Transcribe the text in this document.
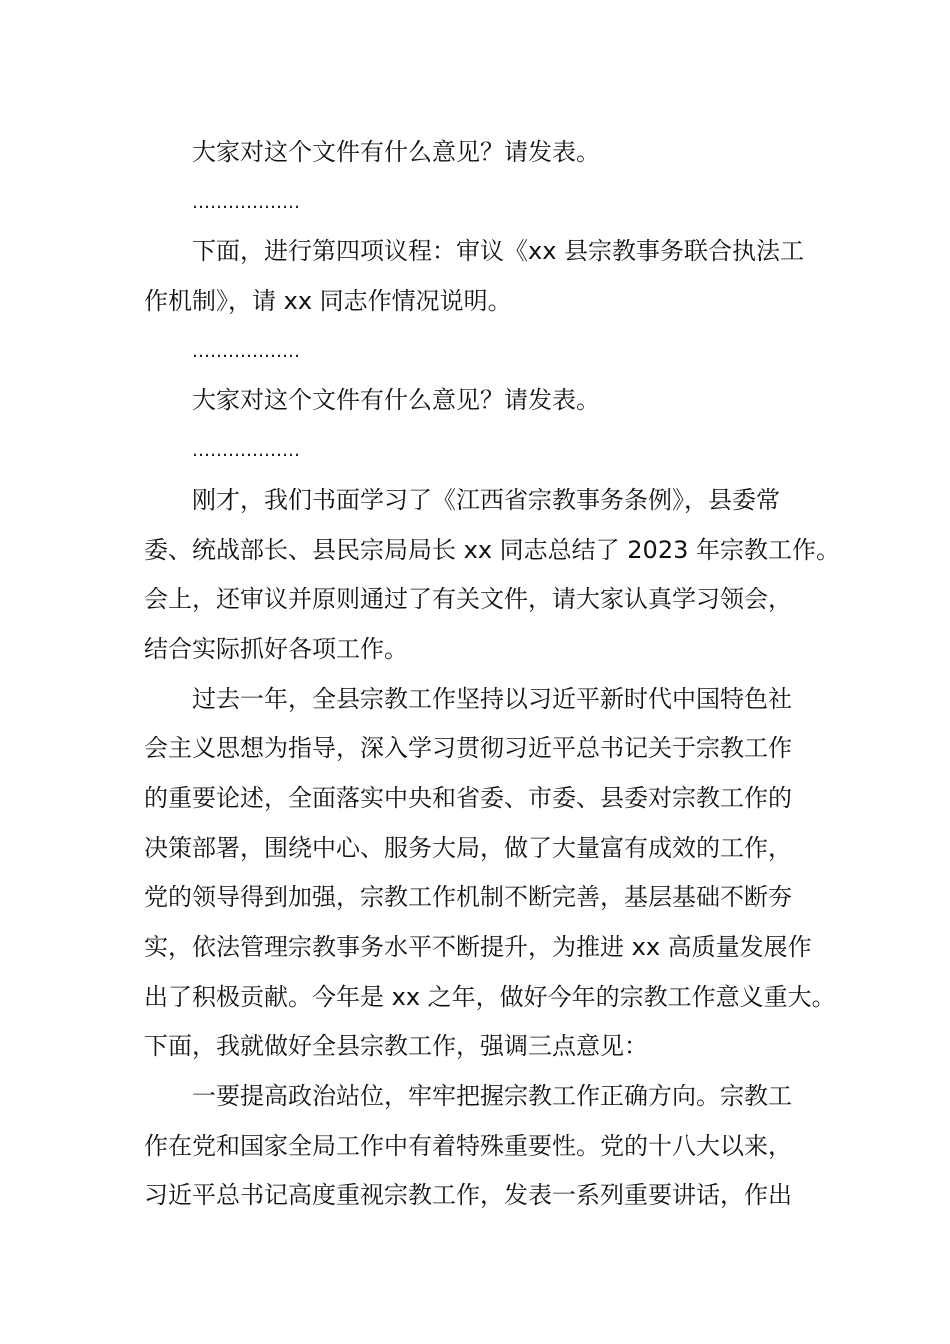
大家对这个文件有什么意见？请发表。
………………
下面，进行第四项议程：审议《xx 县宗教事务联合执法工
作机制》，请 xx 同志作情况说明。
………………
大家对这个文件有什么意见？请发表。
………………
刚才，我们书面学习了《江西省宗教事务条例》，县委常
委、统战部长、县民宗局局长 xx 同志总结了 2023 年宗教工作。
会上，还审议并原则通过了有关文件，请大家认真学习领会，
结合实际抓好各项工作。
过去一年，全县宗教工作坚持以习近平新时代中国特色社
会主义思想为指导，深入学习贯彻习近平总书记关于宗教工作
的重要论述，全面落实中央和省委、市委、县委对宗教工作的
决策部署，围绕中心、服务大局，做了大量富有成效的工作，
党的领导得到加强，宗教工作机制不断完善，基层基础不断夯
实，依法管理宗教事务水平不断提升，为推进 xx 高质量发展作
出了积极贡献。今年是 xx 之年，做好今年的宗教工作意义重大。
下面，我就做好全县宗教工作，强调三点意见：
一要提高政治站位，牢牢把握宗教工作正确方向。宗教工
作在党和国家全局工作中有着特殊重要性。党的十八大以来，
习近平总书记高度重视宗教工作，发表一系列重要讲话，作出
